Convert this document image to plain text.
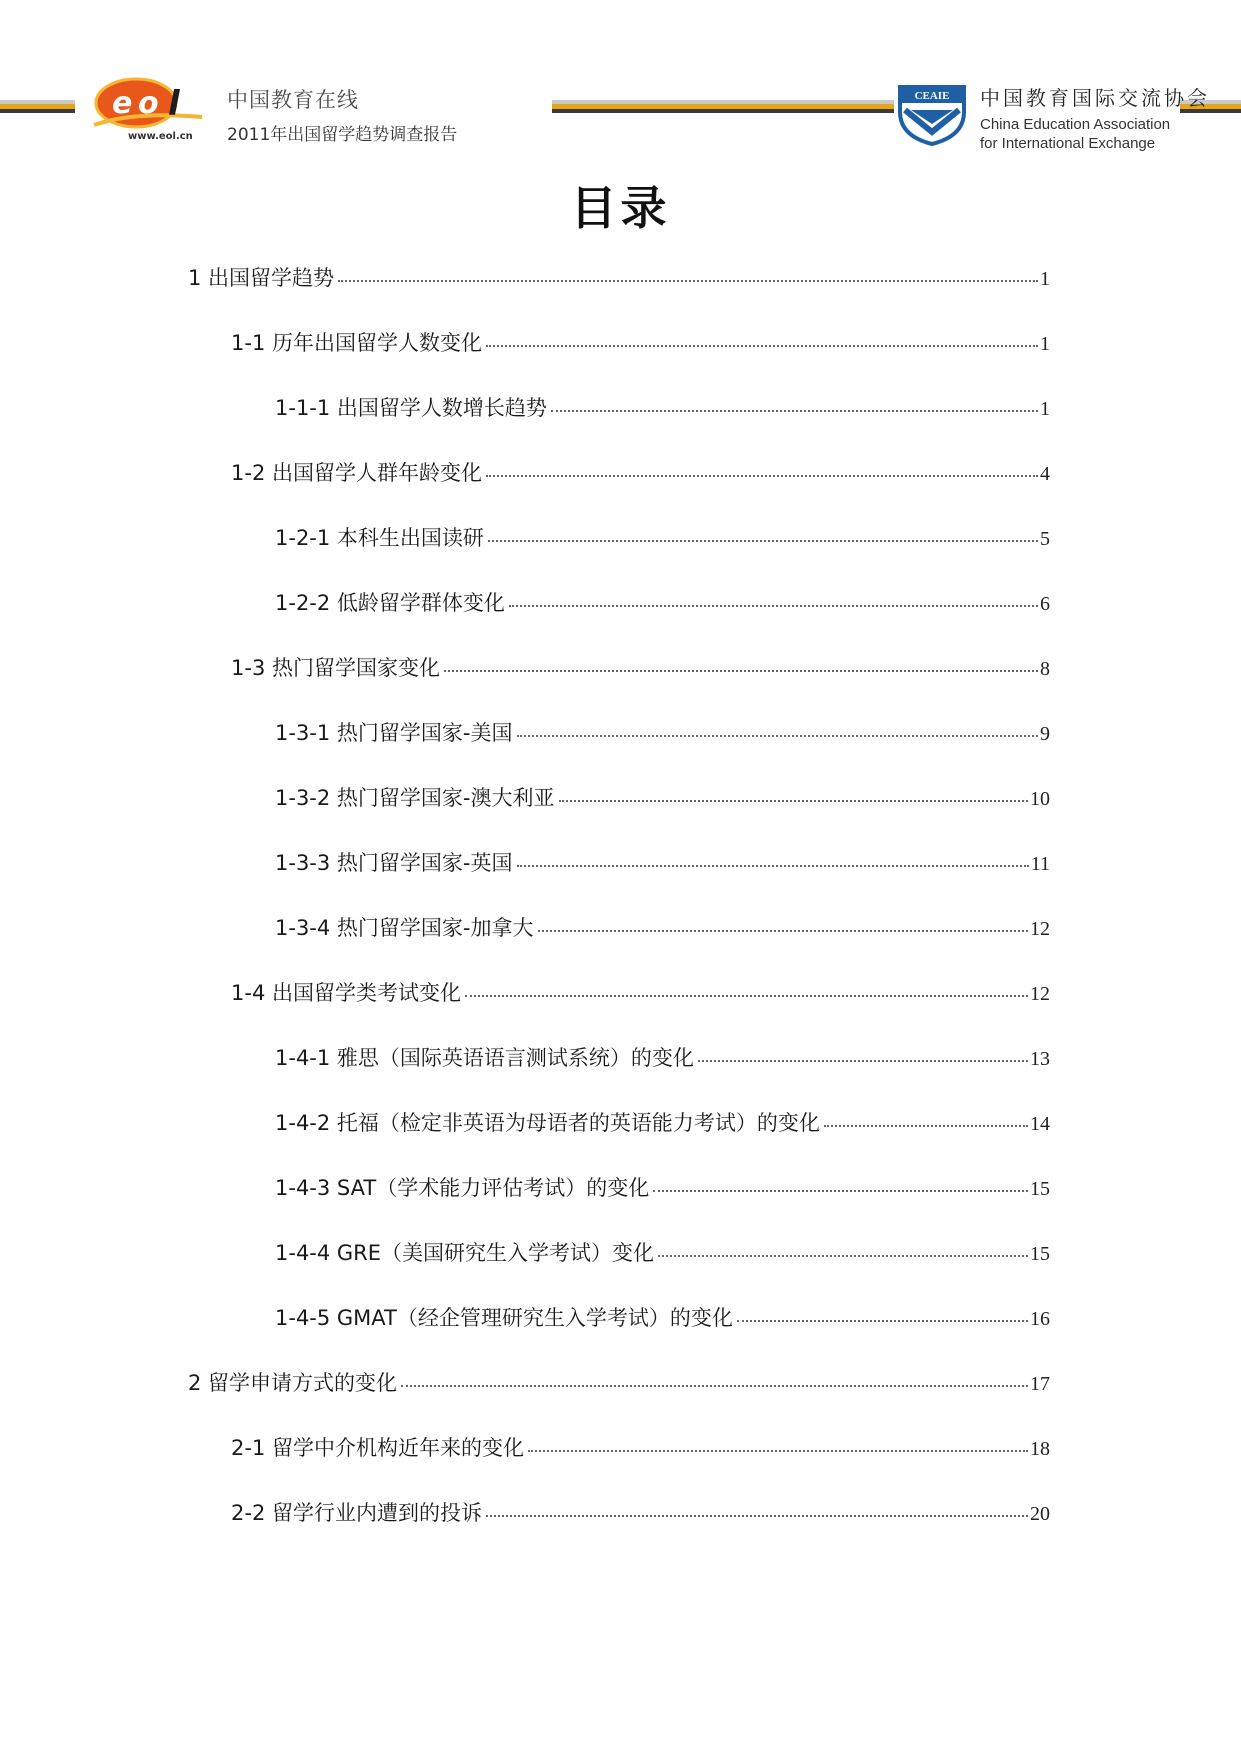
e o l
www.eol.cn
中国教育在线
2011年出国留学趋势调查报告
CEAIE 中国教育国际交流协会
China Education Association
for International Exchange
目录
1 出国留学趋势	1
1-1 历年出国留学人数变化	1
1-1-1 出国留学人数增长趋势	1
1-2 出国留学人群年龄变化	4
1-2-1 本科生出国读研	5
1-2-2 低龄留学群体变化	6
1-3 热门留学国家变化	8
1-3-1 热门留学国家-美国	9
1-3-2 热门留学国家-澳大利亚	10
1-3-3 热门留学国家-英国	11
1-3-4 热门留学国家-加拿大	12
1-4 出国留学类考试变化	12
1-4-1 雅思（国际英语语言测试系统）的变化	13
1-4-2 托福（检定非英语为母语者的英语能力考试）的变化	14
1-4-3 SAT（学术能力评估考试）的变化	15
1-4-4 GRE（美国研究生入学考试）变化	15
1-4-5 GMAT（经企管理研究生入学考试）的变化	16
2 留学申请方式的变化	17
2-1 留学中介机构近年来的变化	18
2-2 留学行业内遭到的投诉	20
